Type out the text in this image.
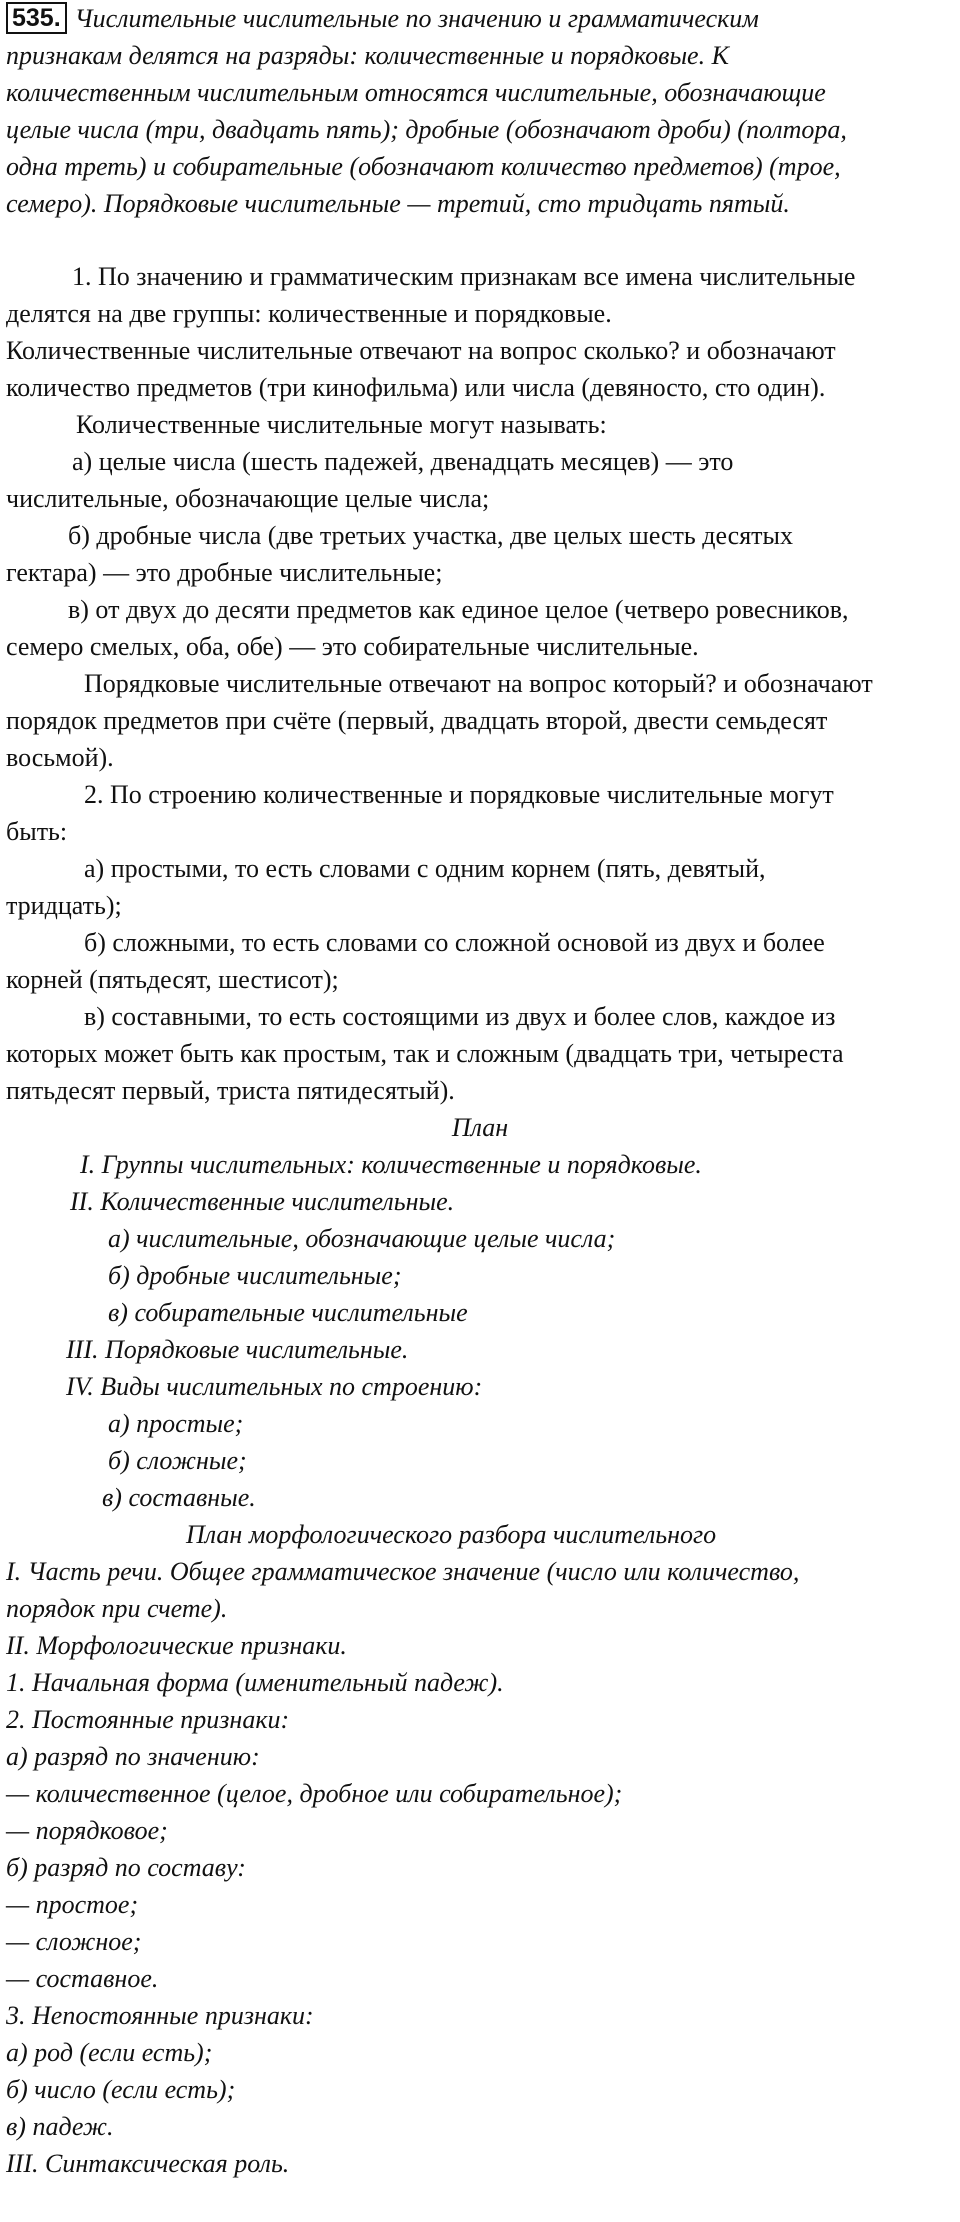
535. Числительные числительные по значению и грамматическим
признакам делятся на разряды: количественные и порядковые. К
количественным числительным относятся числительные, обозначающие
целые числа (три, двадцать пять); дробные (обозначают дроби) (полтора,
одна треть) и собирательные (обозначают количество предметов) (трое,
семеро). Порядковые числительные — третий, сто тридцать пятый.
1. По значению и грамматическим признакам все имена числительные
делятся на две группы: количественные и порядковые.
Количественные числительные отвечают на вопрос сколько? и обозначают
количество предметов (три кинофильма) или числа (девяносто, сто один).
Количественные числительные могут называть:
а) целые числа (шесть падежей, двенадцать месяцев) — это
числительные, обозначающие целые числа;
б) дробные числа (две третьих участка, две целых шесть десятых
гектара) — это дробные числительные;
в) от двух до десяти предметов как единое целое (четверо ровесников,
семеро смелых, оба, обе) — это собирательные числительные.
Порядковые числительные отвечают на вопрос который? и обозначают
порядок предметов при счёте (первый, двадцать второй, двести семьдесят
восьмой).
2. По строению количественные и порядковые числительные могут
быть:
а) простыми, то есть словами с одним корнем (пять, девятый,
тридцать);
б) сложными, то есть словами со сложной основой из двух и более
корней (пятьдесят, шестисот);
в) составными, то есть состоящими из двух и более слов, каждое из
которых может быть как простым, так и сложным (двадцать три, четыреста
пятьдесят первый, триста пятидесятый).
План
I. Группы числительных: количественные и порядковые.
II. Количественные числительные.
а) числительные, обозначающие целые числа;
б) дробные числительные;
в) собирательные числительные
III. Порядковые числительные.
IV. Виды числительных по строению:
а) простые;
б) сложные;
в) составные.
План морфологического разбора числительного
I. Часть речи. Общее грамматическое значение (число или количество,
порядок при счете).
II. Морфологические признаки.
1. Начальная форма (именительный падеж).
2. Постоянные признаки:
а) разряд по значению:
— количественное (целое, дробное или собирательное);
— порядковое;
б) разряд по составу:
— простое;
— сложное;
— составное.
3. Непостоянные признаки:
а) род (если есть);
б) число (если есть);
в) падеж.
III. Синтаксическая роль.
